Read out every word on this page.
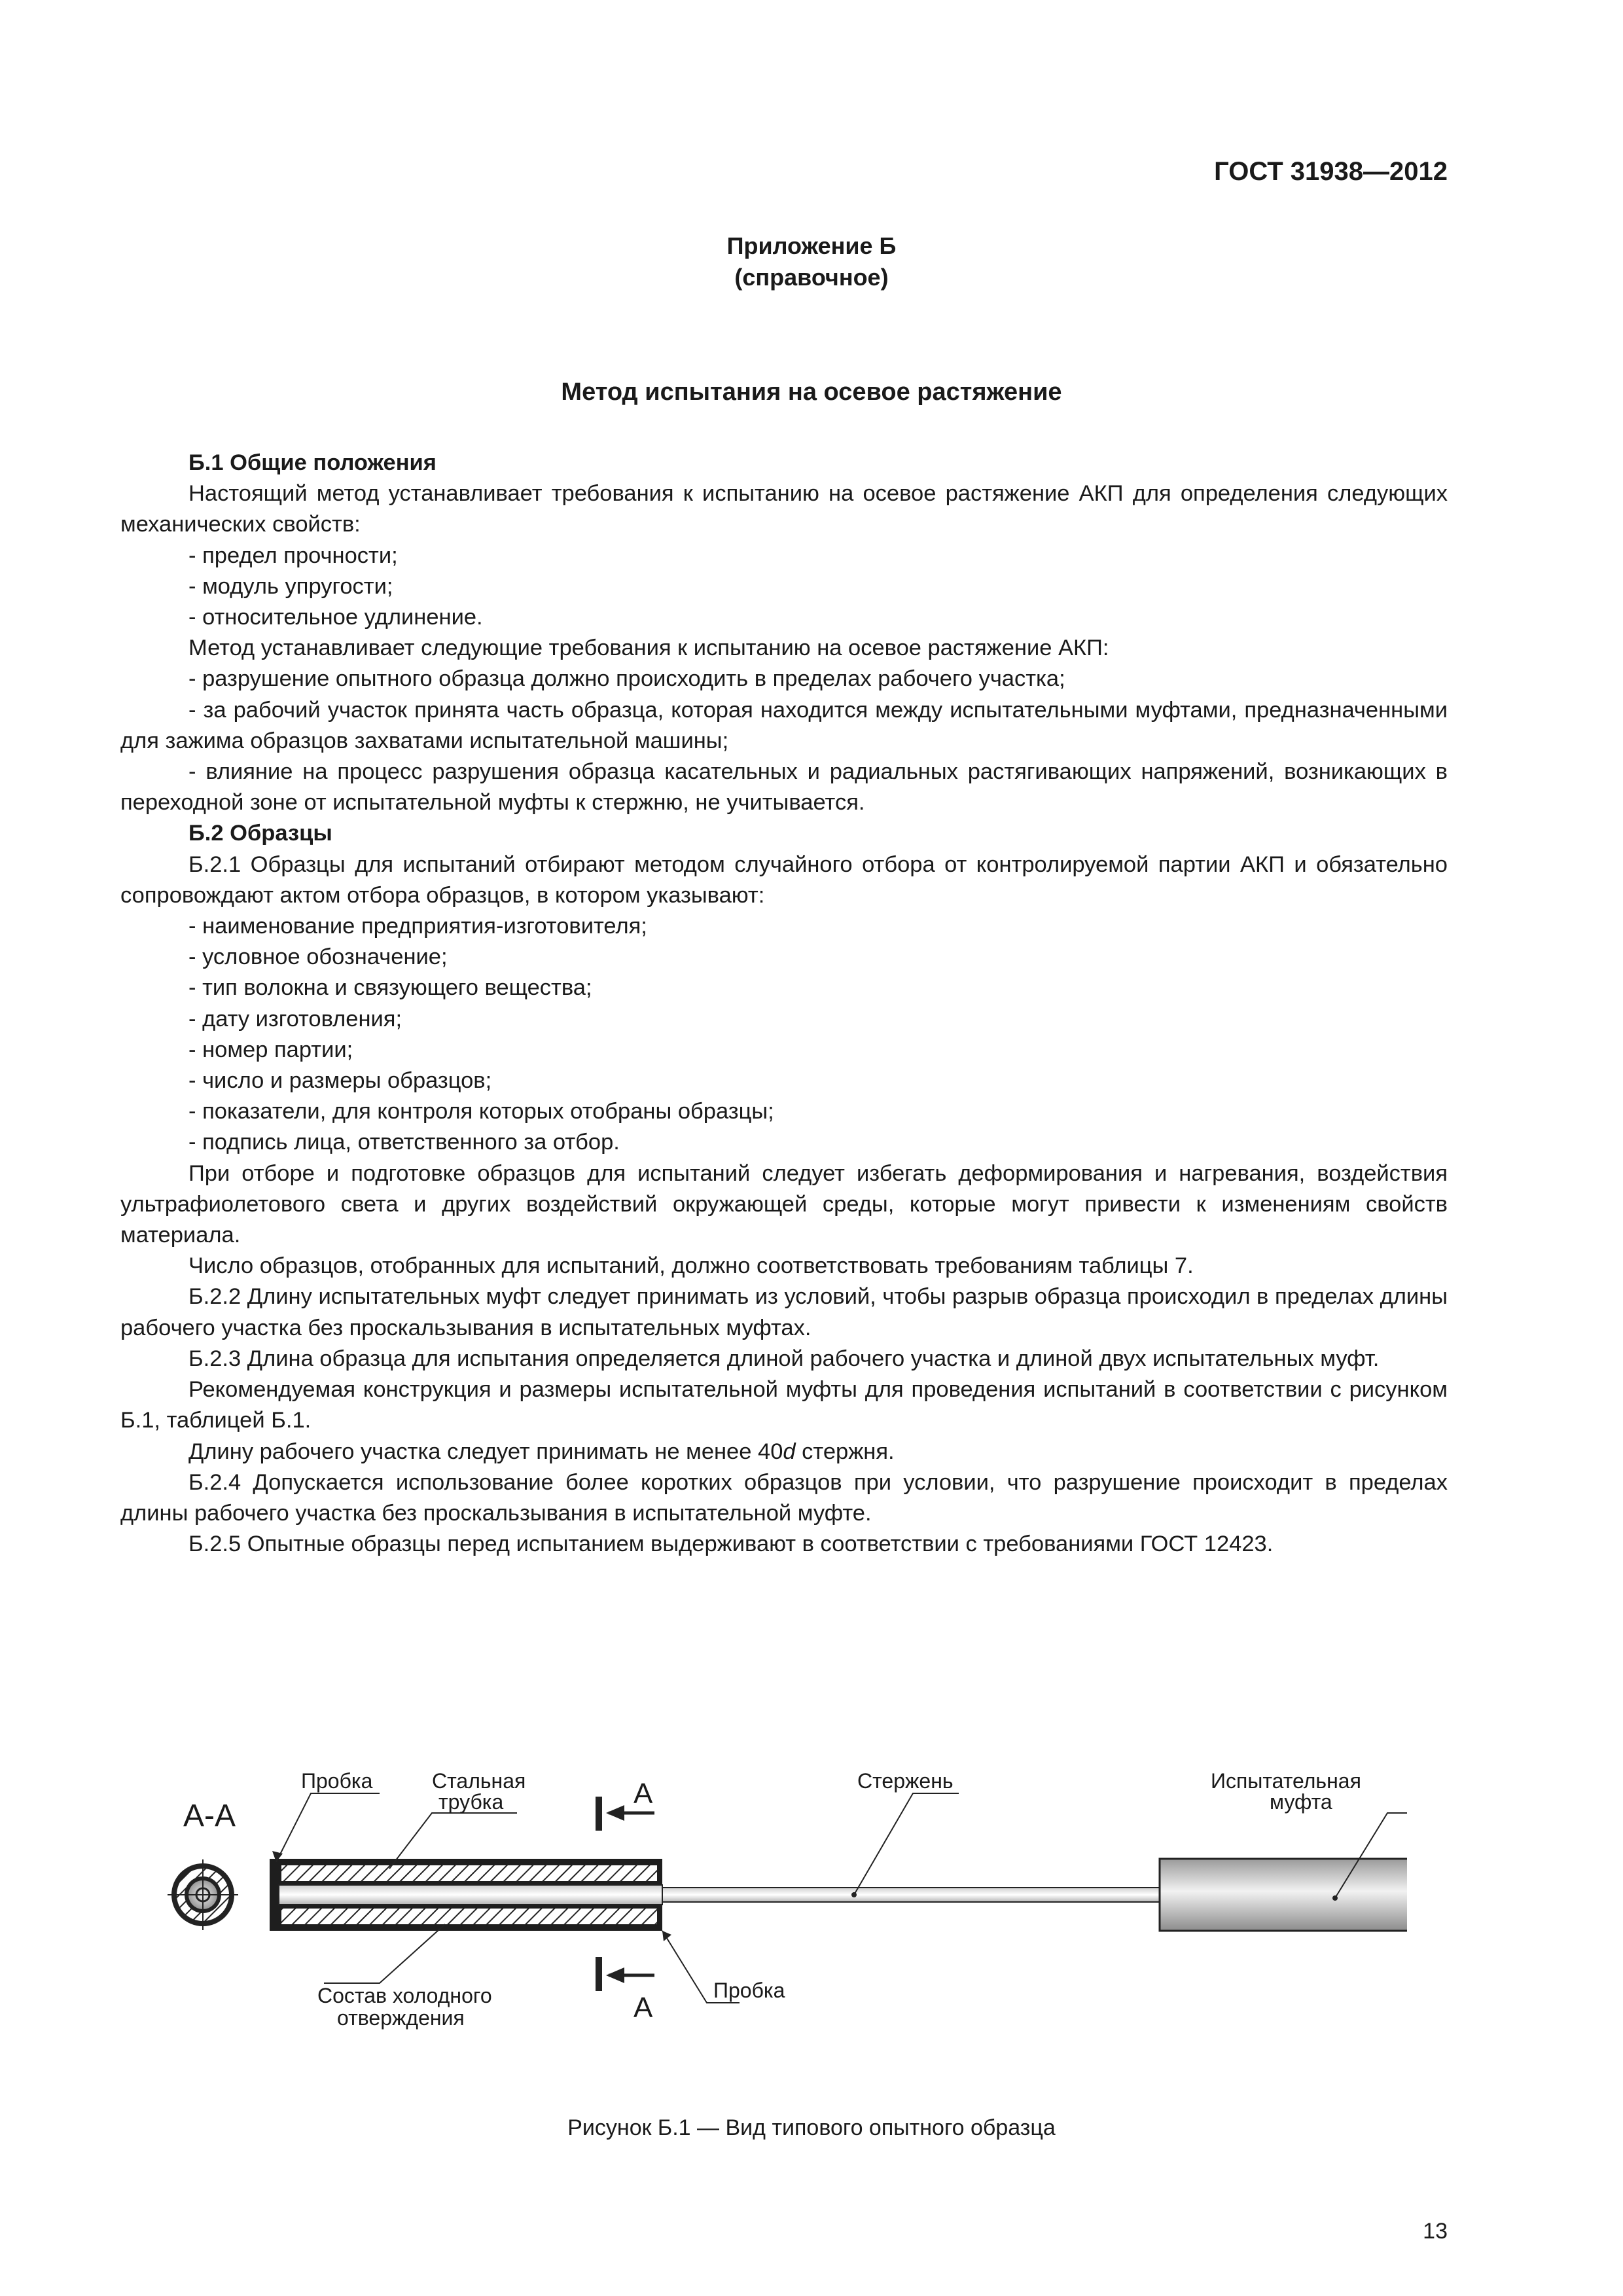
ГОСТ 31938—2012
Приложение Б
(справочное)
Метод испытания на осевое растяжение

Б.1 Общие положения

Настоящий метод устанавливает требования к испытанию на осевое растяжение АКП для определения следующих механических свойств:

- предел прочности;

- модуль упругости;

- относительное удлинение.

Метод устанавливает следующие требования к испытанию на осевое растяжение АКП:

- разрушение опытного образца должно происходить в пределах рабочего участка;

- за рабочий участок принята часть образца, которая находится между испытательными муфтами, предназначенными для зажима образцов захватами испытательной машины;

- влияние на процесс разрушения образца касательных и радиальных растягивающих напряжений, возникающих в переходной зоне от испытательной муфты к стержню, не учитывается.

Б.2 Образцы

Б.2.1 Образцы для испытаний отбирают методом случайного отбора от контролируемой партии АКП и обязательно сопровождают актом отбора образцов, в котором указывают:

- наименование предприятия-изготовителя;

- условное обозначение;

- тип волокна и связующего вещества;

- дату изготовления;

- номер партии;

- число и размеры образцов;

- показатели, для контроля которых отобраны образцы;

- подпись лица, ответственного за отбор.

При отборе и подготовке образцов для испытаний следует избегать деформирования и нагревания, воздействия ультрафиолетового света и других воздействий окружающей среды, которые могут привести к изменениям свойств материала.

Число образцов, отобранных для испытаний, должно соответствовать требованиям таблицы 7.

Б.2.2 Длину испытательных муфт следует принимать из условий, чтобы разрыв образца происходил в пределах длины рабочего участка без проскальзывания в испытательных муфтах.

Б.2.3 Длина образца для испытания определяется длиной рабочего участка и длиной двух испытательных муфт.

Рекомендуемая конструкция и размеры испытательной муфты для проведения испытаний в соответствии с рисунком Б.1, таблицей Б.1.

Длину рабочего участка следует принимать не менее 40d стержня.

Б.2.4 Допускается использование более коротких образцов при условии, что разрушение происходит в пределах длины рабочего участка без проскальзывания в испытательной муфте.

Б.2.5 Опытные образцы перед испытанием выдерживают в соответствии с требованиями ГОСТ 12423.

А-А
А
А
Пробка	Стальная
трубка
Стержень	Испытательная
муфта
Состав холодного
отверждения
Пробка
Рисунок Б.1 — Вид типового опытного образца
13
